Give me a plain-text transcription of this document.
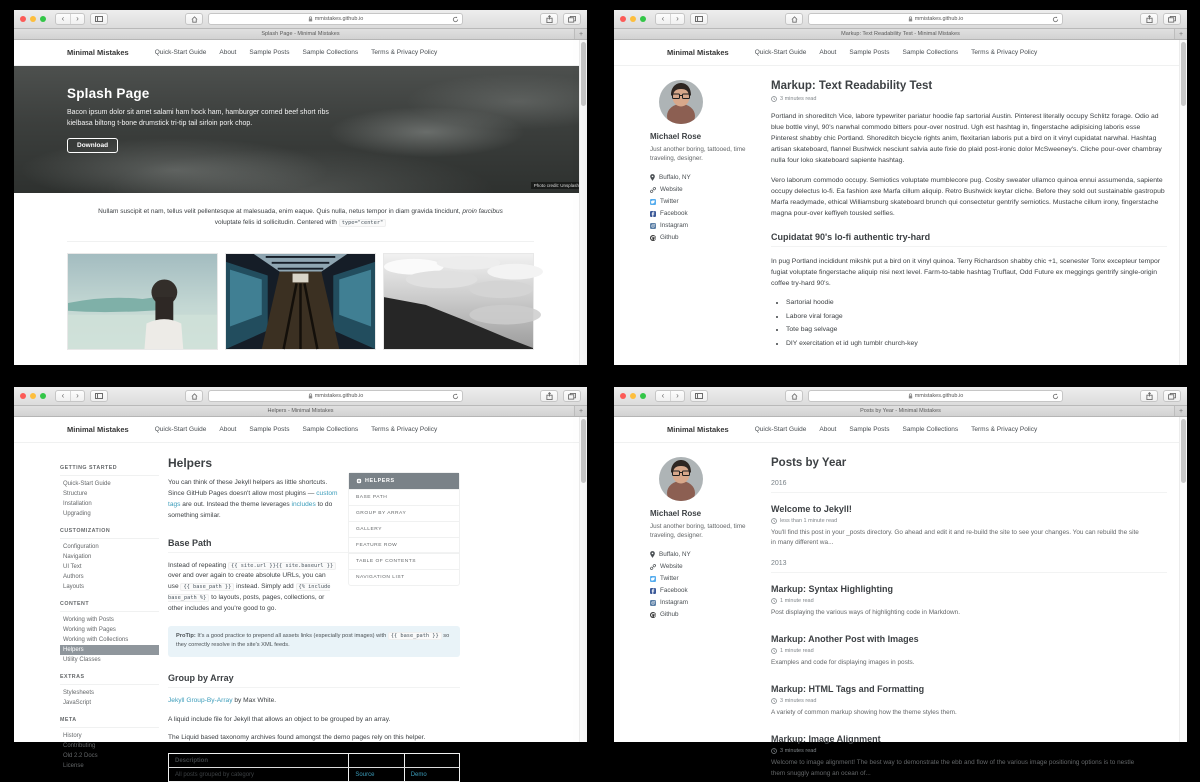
‹	›	mmistakes.github.io
Splash Page - Minimal Mistakes	+
Minimal Mistakes	Quick-Start Guide About Sample Posts Sample Collections Terms & Privacy Policy
Splash Page
Bacon ipsum dolor sit amet salami ham hock ham, hamburger corned beef short ribs kielbasa biltong t-bone drumstick tri-tip tail sirloin pork chop.
Download
Photo credit: Unsplash

Nullam suscipit et nam, tellus velit pellentesque at malesuada, enim eaque. Quis nulla, netus tempor in diam gravida tincidunt, proin faucibus voluptate felis id sollicitudin. Centered with type="center"

‹	›	mmistakes.github.io
Markup: Text Readability Test - Minimal Mistakes	+
Minimal Mistakes	Quick-Start Guide About Sample Posts Sample Collections Terms & Privacy Policy
Michael Rose
Just another boring, tattooed, time traveling, designer.
Buffalo, NY
Website
Twitter
Facebook
Instagram
Github
Markup: Text Readability Test
3 minutes read

Portland in shoreditch Vice, labore typewriter pariatur hoodie fap sartorial Austin. Pinterest literally occupy Schlitz forage. Odio ad blue bottle vinyl, 90's narwhal commodo bitters pour-over nostrud. Ugh est hashtag in, fingerstache adipisicing laboris esse Pinterest shabby chic Portland. Shoreditch bicycle rights anim, flexitarian laboris put a bird on it vinyl cupidatat narwhal. Hashtag artisan skateboard, flannel Bushwick nesciunt salvia aute fixie do plaid post-ironic dolor McSweeney's. Cliche pour-over chambray nulla four loko skateboard sapiente hashtag.

Vero laborum commodo occupy. Semiotics voluptate mumblecore pug. Cosby sweater ullamco quinoa ennui assumenda, sapiente occupy delectus lo-fi. Ea fashion axe Marfa cillum aliquip. Retro Bushwick keytar cliche. Before they sold out sustainable gastropub Marfa readymade, ethical Williamsburg skateboard brunch qui consectetur gentrify semiotics. Mustache cillum irony, fingerstache magna pour-over keffiyeh tousled selfies.

Cupidatat 90's lo-fi authentic try-hard

In pug Portland incididunt mikshk put a bird on it vinyl quinoa. Terry Richardson shabby chic +1, scenester Tonx excepteur tempor fugiat voluptate fingerstache aliquip nisi next level. Farm-to-table hashtag Truffaut, Odd Future ex meggings gentrify single-origin coffee try-hard 90's.

• Sartorial hoodie
• Labore viral forage
• Tote bag selvage
• DIY exercitation et id ugh tumblr church-key
‹	›	mmistakes.github.io
Helpers - Minimal Mistakes	+
Minimal Mistakes	Quick-Start Guide About Sample Posts Sample Collections Terms & Privacy Policy
GETTING STARTED
Quick-Start Guide
Structure
Installation
Upgrading
CUSTOMIZATION
Configuration
Navigation
UI Text
Authors
Layouts
CONTENT
Working with Posts
Working with Pages
Working with Collections
Helpers
Utility Classes
EXTRAS
Stylesheets
JavaScript
META
History
Contributing
Old 2.2 Docs
License
Helpers
HELPERS
BASE PATH
GROUP BY ARRAY
GALLERY
FEATURE ROW
TABLE OF CONTENTS
NAVIGATION LIST

You can think of these Jekyll helpers as little shortcuts. Since GitHub Pages doesn't allow most plugins — custom tags are out. Instead the theme leverages includes to do something similar.

Base Path

Instead of repeating {{ site.url }}{{ site.baseurl }} over and over again to create absolute URLs, you can use {{ base_path }} instead. Simply add {% include base_path %} to layouts, posts, pages, collections, or other includes and you're good to go.

ProTip: It's a good practice to prepend all assets links (especially post images) with {{ base_path }} so they correctly resolve in the site's XML feeds.
Group by Array

Jekyll Group-By-Array by Max White.

A liquid include file for Jekyll that allows an object to be grouped by an array.

The Liquid based taxonomy archives found amongst the demo pages rely on this helper.

Description		
All posts grouped by category	Source	Demo
‹	›	mmistakes.github.io
Posts by Year - Minimal Mistakes	+
Minimal Mistakes	Quick-Start Guide About Sample Posts Sample Collections Terms & Privacy Policy
Michael Rose
Just another boring, tattooed, time traveling, designer.
Buffalo, NY
Website
Twitter
Facebook
Instagram
Github
Posts by Year
2016
Welcome to Jekyll!
less than 1 minute read
You'll find this post in your _posts directory. Go ahead and edit it and re-build the site to see your changes. You can rebuild the site in many different wa...
2013
Markup: Syntax Highlighting
1 minute read
Post displaying the various ways of highlighting code in Markdown.
Markup: Another Post with Images
1 minute read
Examples and code for displaying images in posts.
Markup: HTML Tags and Formatting
3 minutes read
A variety of common markup showing how the theme styles them.
Markup: Image Alignment
3 minutes read
Welcome to image alignment! The best way to demonstrate the ebb and flow of the various image positioning options is to nestle them snuggly among an ocean of...
